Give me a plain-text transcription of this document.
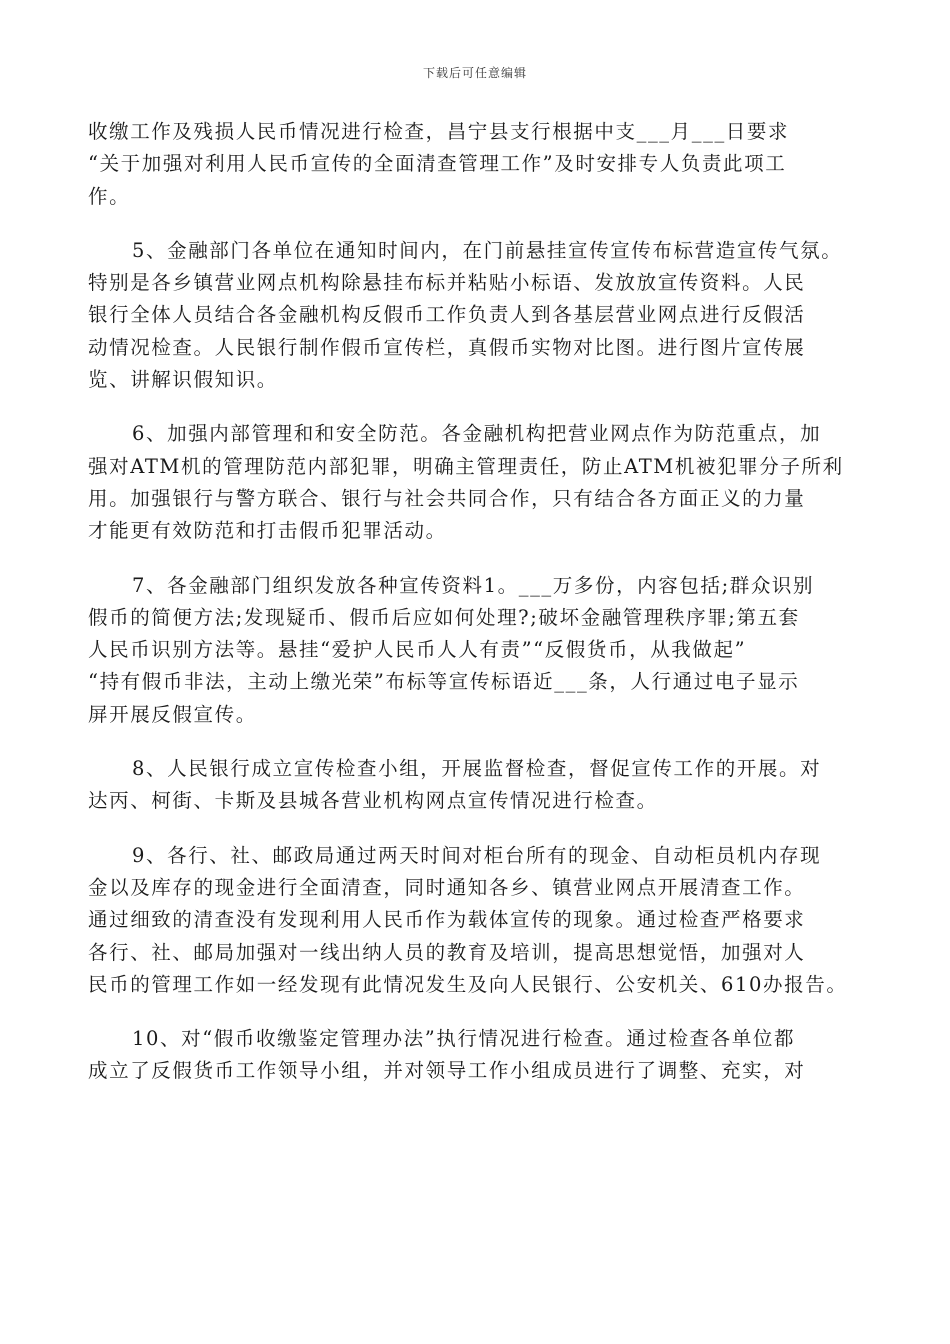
下载后可任意编辑
收缴工作及残损人民币情况进行检查，昌宁县支行根据中支___月___日要求
“关于加强对利用人民币宣传的全面清查管理工作”及时安排专人负责此项工
作。
5、金融部门各单位在通知时间内，在门前悬挂宣传宣传布标营造宣传气氛。
特别是各乡镇营业网点机构除悬挂布标并粘贴小标语、发放放宣传资料。人民
银行全体人员结合各金融机构反假币工作负责人到各基层营业网点进行反假活
动情况检查。人民银行制作假币宣传栏，真假币实物对比图。进行图片宣传展
览、讲解识假知识。
6、加强内部管理和和安全防范。各金融机构把营业网点作为防范重点，加
强对ATM机的管理防范内部犯罪，明确主管理责任，防止ATM机被犯罪分子所利
用。加强银行与警方联合、银行与社会共同合作，只有结合各方面正义的力量
才能更有效防范和打击假币犯罪活动。
7、各金融部门组织发放各种宣传资料1。___万多份，内容包括;群众识别
假币的简便方法;发现疑币、假币后应如何处理?;破坏金融管理秩序罪;第五套
人民币识别方法等。悬挂“爱护人民币人人有责”“反假货币，从我做起”
“持有假币非法，主动上缴光荣”布标等宣传标语近___条，人行通过电子显示
屏开展反假宣传。
8、人民银行成立宣传检查小组，开展监督检查，督促宣传工作的开展。对
达丙、柯街、卡斯及县城各营业机构网点宣传情况进行检查。
9、各行、社、邮政局通过两天时间对柜台所有的现金、自动柜员机内存现
金以及库存的现金进行全面清查，同时通知各乡、镇营业网点开展清查工作。
通过细致的清查没有发现利用人民币作为载体宣传的现象。通过检查严格要求
各行、社、邮局加强对一线出纳人员的教育及培训，提高思想觉悟，加强对人
民币的管理工作如一经发现有此情况发生及向人民银行、公安机关、610办报告。
10、对“假币收缴鉴定管理办法”执行情况进行检查。通过检查各单位都
成立了反假货币工作领导小组，并对领导工作小组成员进行了调整、充实，对
